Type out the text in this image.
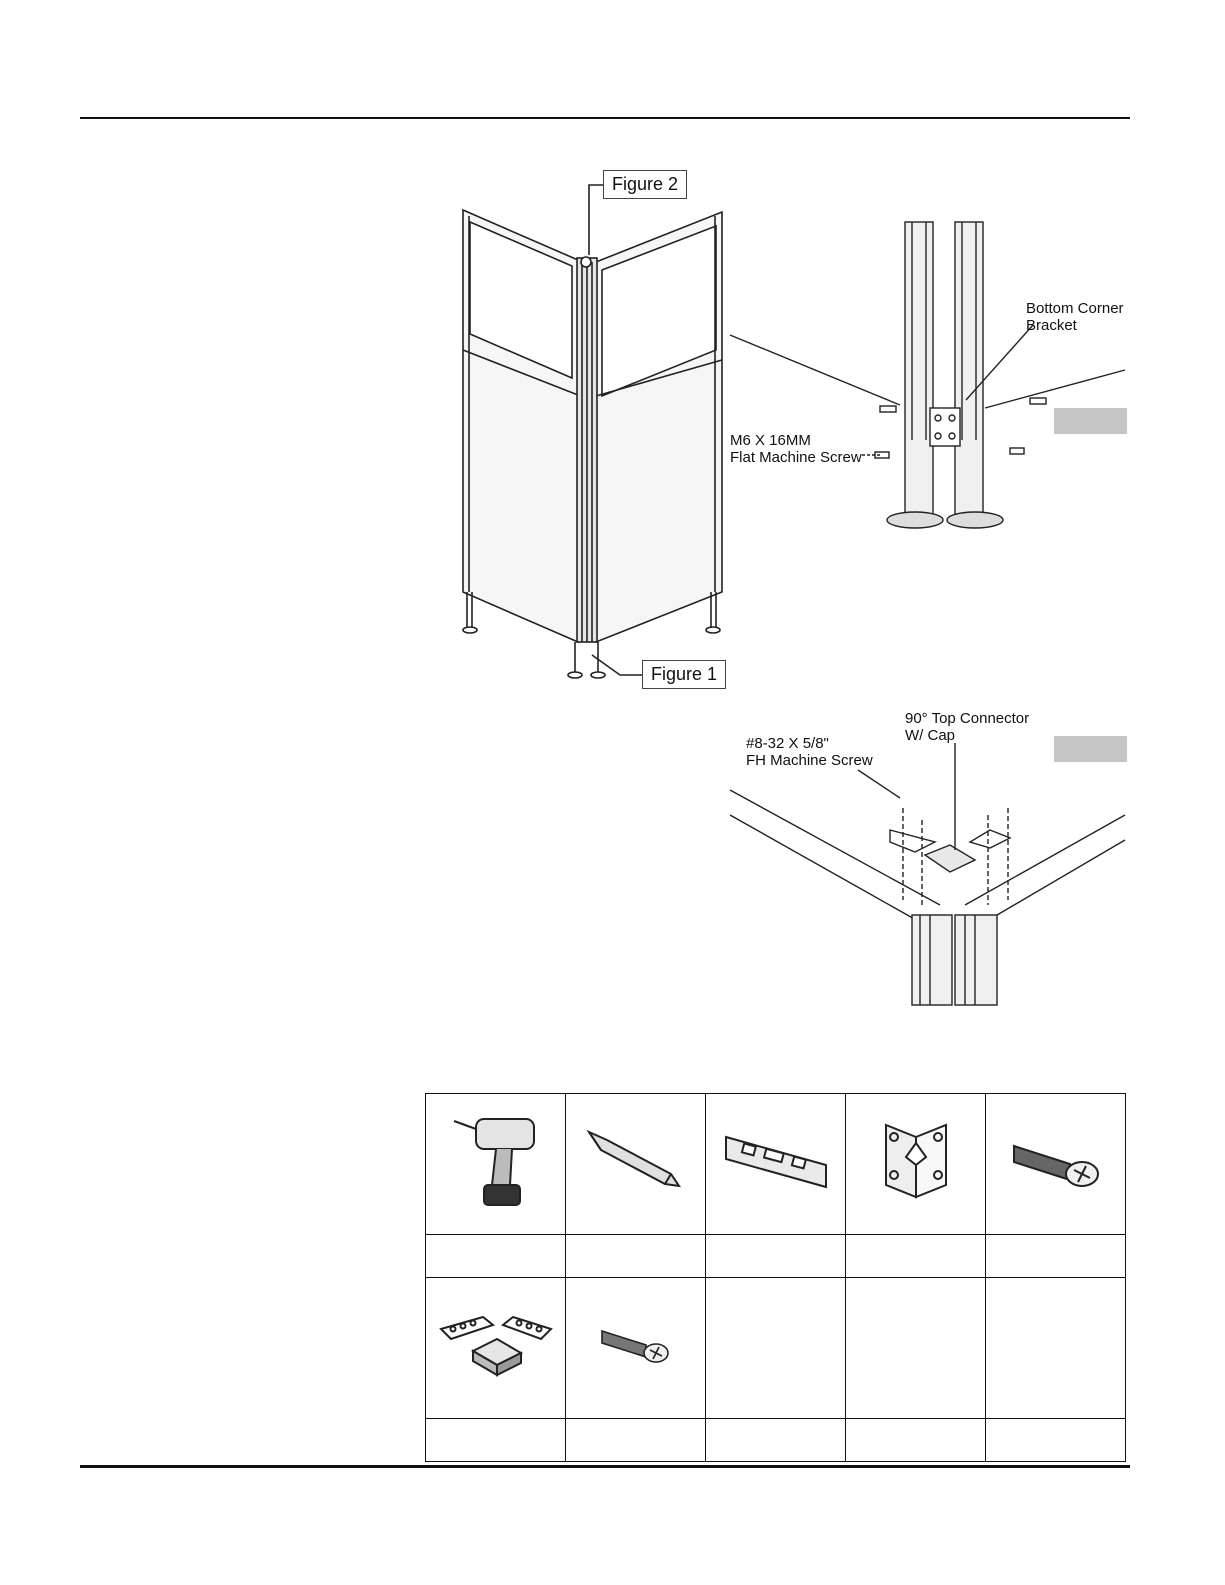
Figure 2
Figure 1
Bottom Corner
Bracket
M6 X 16MM
Flat Machine Screw
90° Top Connector
W/ Cap
#8-32 X 5/8"
FH Machine Screw
